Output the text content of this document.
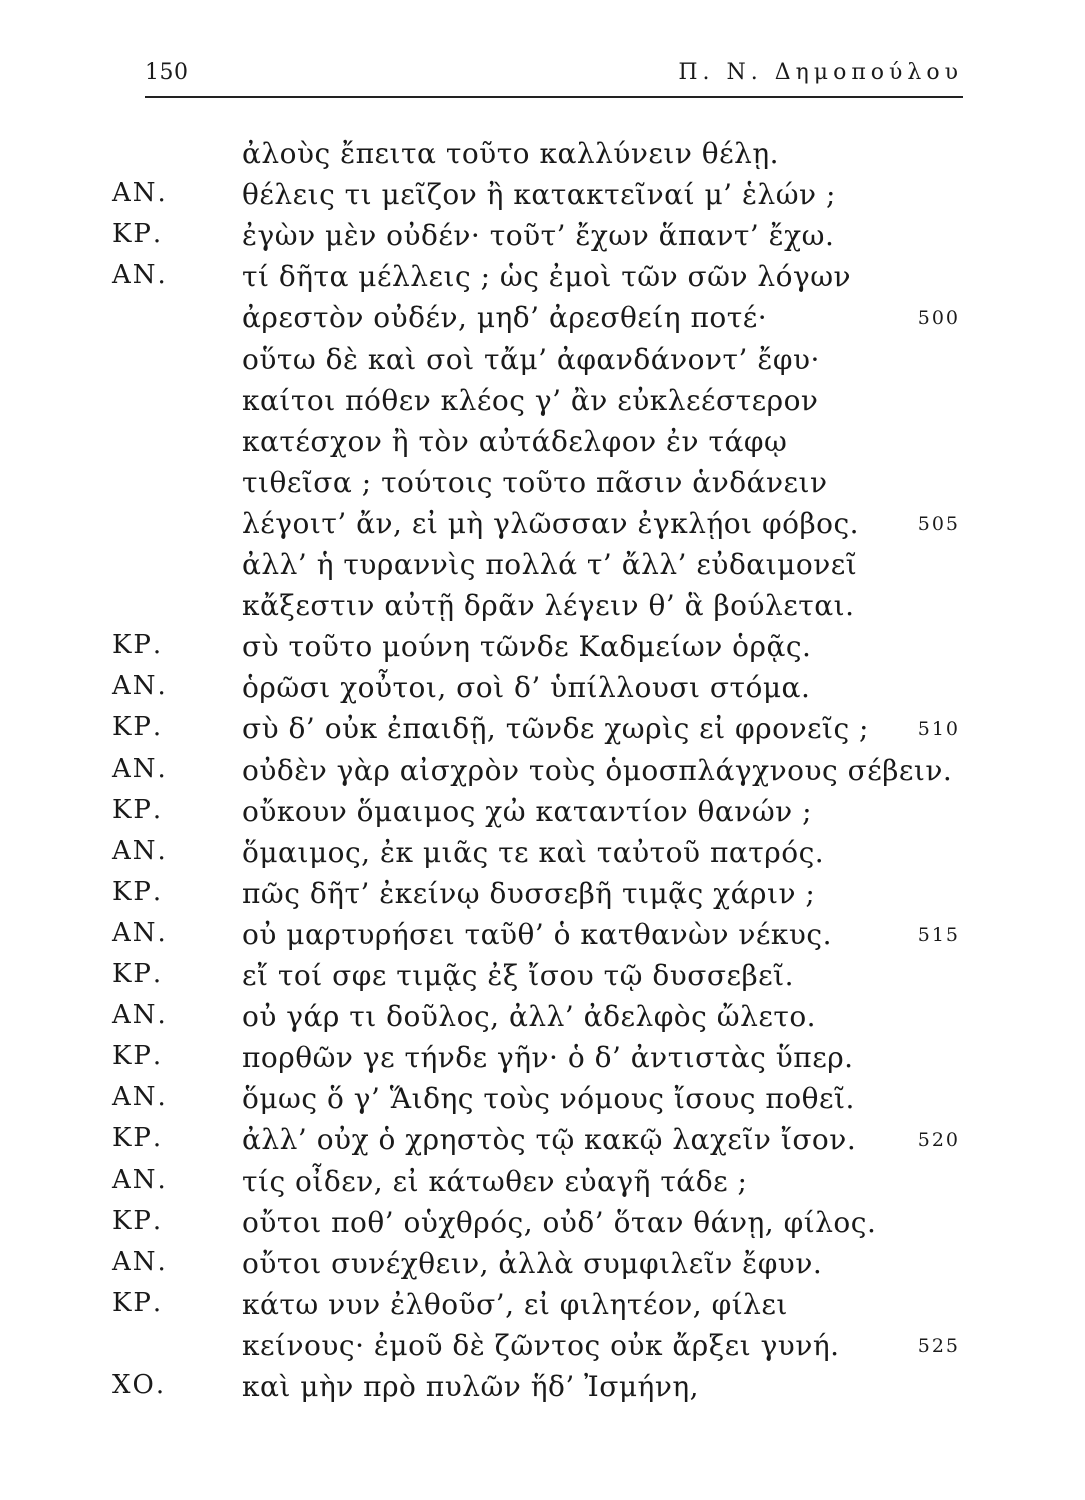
150	Π. Ν. Δημοπούλου
ἀλοὺς ἔπειτα τοῦτο καλλύνειν θέλῃ.
ΑΝ.	θέλεις τι μεῖζον ἢ κατακτεῖναί μ’ ἑλών ;
ΚΡ.	ἐγὼν μὲν οὐδέν· τοῦτ’ ἔχων ἅπαντ’ ἔχω.
ΑΝ.	τί δῆτα μέλλεις ; ὡς ἐμοὶ τῶν σῶν λόγων
ἀρεστὸν οὐδέν, μηδ’ ἀρεσθείη ποτέ·	500
οὕτω δὲ καὶ σοὶ τἄμ’ ἀφανδάνοντ’ ἔφυ·
καίτοι πόθεν κλέος γ’ ἂν εὐκλεέστερον
κατέσχον ἢ τὸν αὐτάδελφον ἐν τάφῳ
τιθεῖσα ; τούτοις τοῦτο πᾶσιν ἁνδάνειν
λέγοιτ’ ἄν, εἰ μὴ γλῶσσαν ἐγκλῄοι φόβος.	505
ἀλλ’ ἡ τυραννὶς πολλά τ’ ἄλλ’ εὐδαιμονεῖ
κἄξεστιν αὐτῇ δρᾶν λέγειν θ’ ἃ βούλεται.
ΚΡ.	σὺ τοῦτο μούνη τῶνδε Καδμείων ὁρᾷς.
ΑΝ.	ὁρῶσι χοὖτοι, σοὶ δ’ ὑπίλλουσι στόμα.
ΚΡ.	σὺ δ’ οὐκ ἐπαιδῇ, τῶνδε χωρὶς εἰ φρονεῖς ;	510
ΑΝ.	οὐδὲν γὰρ αἰσχρὸν τοὺς ὁμοσπλάγχνους σέβειν.
ΚΡ.	οὔκουν ὅμαιμος χὠ καταντίον θανών ;
ΑΝ.	ὅμαιμος, ἐκ μιᾶς τε καὶ ταὐτοῦ πατρός.
ΚΡ.	πῶς δῆτ’ ἐκείνῳ δυσσεβῆ τιμᾷς χάριν ;
ΑΝ.	οὐ μαρτυρήσει ταῦθ’ ὁ κατθανὼν νέκυς.	515
ΚΡ.	εἴ τοί σφε τιμᾷς ἐξ ἴσου τῷ δυσσεβεῖ.
ΑΝ.	οὐ γάρ τι δοῦλος, ἀλλ’ ἀδελφὸς ὤλετο.
ΚΡ.	πορθῶν γε τήνδε γῆν· ὁ δ’ ἀντιστὰς ὕπερ.
ΑΝ.	ὅμως ὅ γ’ Ἅιδης τοὺς νόμους ἴσους ποθεῖ.
ΚΡ.	ἀλλ’ οὐχ ὁ χρηστὸς τῷ κακῷ λαχεῖν ἴσον.	520
ΑΝ.	τίς οἶδεν, εἰ κάτωθεν εὐαγῆ τάδε ;
ΚΡ.	οὔτοι ποθ’ οὑχθρός, οὐδ’ ὅταν θάνῃ, φίλος.
ΑΝ.	οὔτοι συνέχθειν, ἀλλὰ συμφιλεῖν ἔφυν.
ΚΡ.	κάτω νυν ἐλθοῦσ’, εἰ φιλητέον, φίλει
κείνους· ἐμοῦ δὲ ζῶντος οὐκ ἄρξει γυνή.	525
ΧΟ.	καὶ μὴν πρὸ πυλῶν ἥδ’ Ἰσμήνη,
